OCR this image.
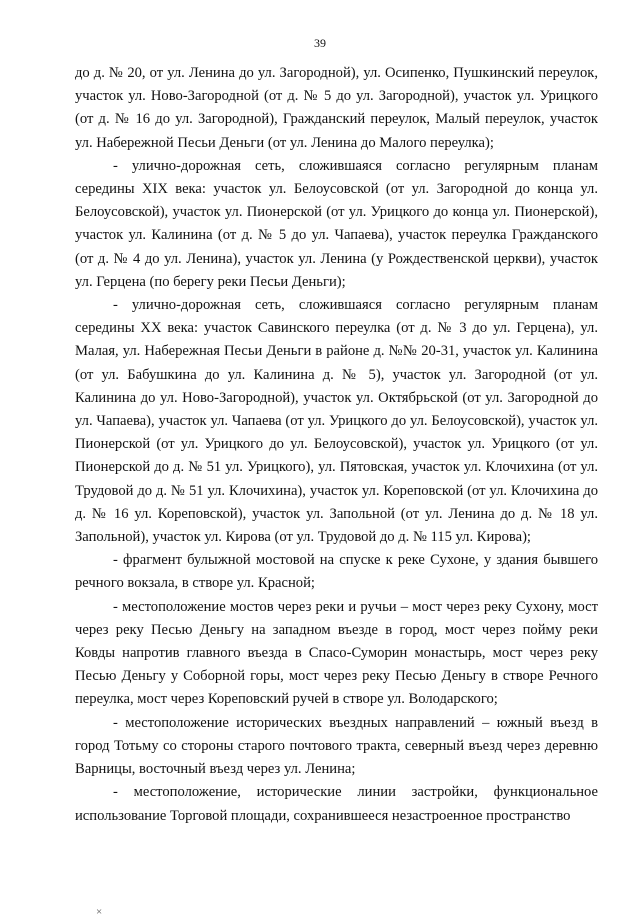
39

до д. № 20, от ул. Ленина до ул. Загородной), ул. Осипенко, Пушкинский переулок, участок ул. Ново-Загородной (от д. № 5 до ул. Загородной), участок ул. Урицкого (от д. № 16 до ул. Загородной), Гражданский переулок, Малый переулок, участок ул. Набережной Песьи Деньги (от ул. Ленина до Малого переулка);

- улично-дорожная сеть, сложившаяся согласно регулярным планам середины XIX века: участок ул. Белоусовской (от ул. Загородной до конца ул. Белоусовской), участок ул. Пионерской (от ул. Урицкого до конца ул. Пионерской), участок ул. Калинина (от д. № 5 до ул. Чапаева), участок переулка Гражданского (от д. № 4 до ул. Ленина), участок ул. Ленина (у Рождественской церкви), участок ул. Герцена (по берегу реки Песьи Деньги);

- улично-дорожная сеть, сложившаяся согласно регулярным планам середины XX века: участок Савинского переулка (от д. № 3 до ул. Герцена), ул. Малая, ул. Набережная Песьи Деньги в районе д. №№ 20-31, участок ул. Калинина (от ул. Бабушкина до ул. Калинина д. № 5), участок ул. Загородной (от ул. Калинина до ул. Ново-Загородной), участок ул. Октябрьской (от ул. Загородной до ул. Чапаева), участок ул. Чапаева (от ул. Урицкого до ул. Белоусовской), участок ул. Пионерской (от ул. Урицкого до ул. Белоусовской), участок ул. Урицкого (от ул. Пионерской до д. № 51 ул. Урицкого), ул. Пятовская, участок ул. Клочихина (от ул. Трудовой до д. № 51 ул. Клочихина), участок ул. Кореповской (от ул. Клочихина до д. № 16 ул. Кореповской), участок ул. Запольной (от ул. Ленина до д. № 18 ул. Запольной), участок ул. Кирова (от ул. Трудовой до д. № 115 ул. Кирова);

- фрагмент булыжной мостовой на спуске к реке Сухоне, у здания бывшего речного вокзала, в створе ул. Красной;

- местоположение мостов через реки и ручьи – мост через реку Сухону, мост через реку Песью Деньгу на западном въезде в город, мост через пойму реки Ковды напротив главного въезда в Спасо-Суморин монастырь, мост через реку Песью Деньгу у Соборной горы, мост через реку Песью Деньгу в створе Речного переулка, мост через Кореповский ручей в створе ул. Володарского;

- местоположение исторических въездных направлений – южный въезд в город Тотьму со стороны старого почтового тракта, северный въезд через деревню Варницы, восточный въезд через ул. Ленина;

- местоположение, исторические линии застройки, функциональное использование Торговой площади, сохранившееся незастроенное пространство

×
